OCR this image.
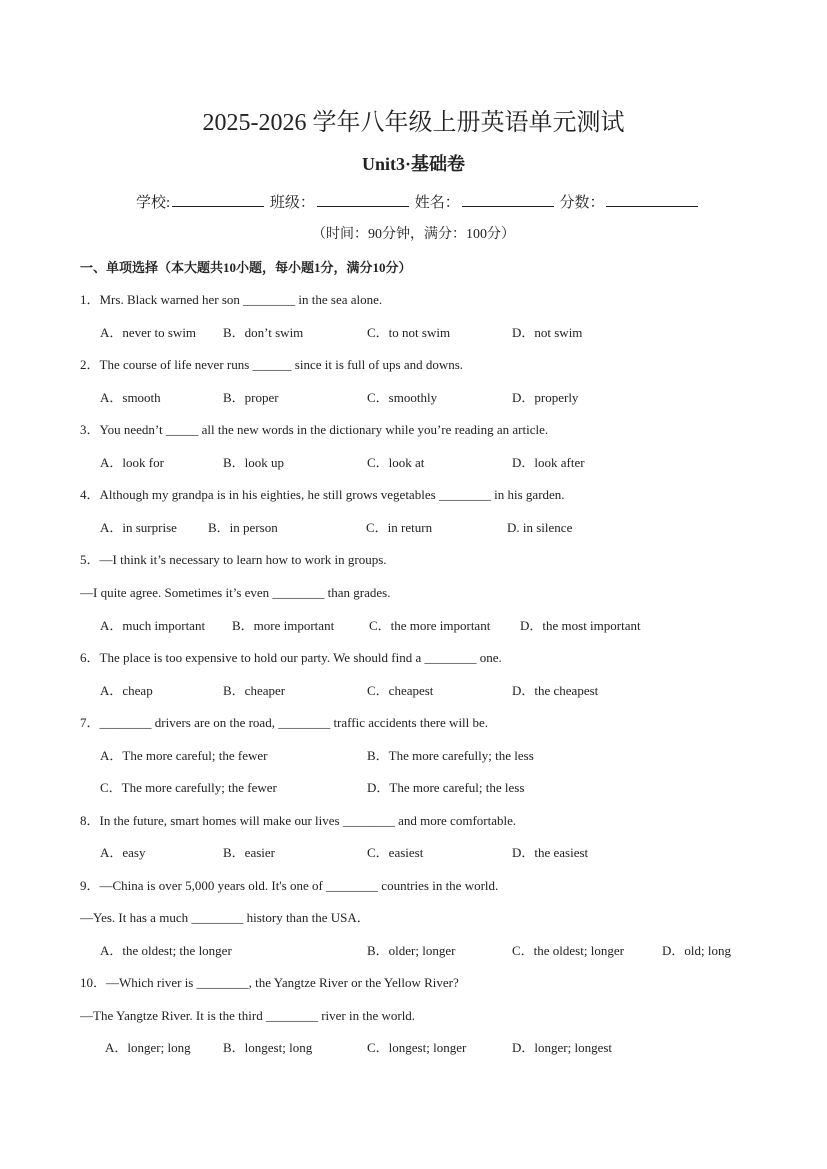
2025-2026 学年八年级上册英语单元测试
Unit3·基础卷
学校:	班级：	姓名：	分数：
（时间：90分钟，满分：100分）
一、单项选择（本大题共10小题，每小题1分，满分10分）
1．Mrs. Black warned her son ________ in the sea alone.
A．never to swim B．don’t swim	C．to not swim	D．not swim
2．The course of life never runs ______ since it is full of ups and downs.
A．smooth	B．proper	C．smoothly	D．properly
3．You needn’t _____ all the new words in the dictionary while you’re reading an article.
A．look for	B．look up	C．look at	D．look after
4．Although my grandpa is in his eighties, he still grows vegetables ________ in his garden.
A．in surprise B．in person	C．in return	D. in silence
5．—I think it’s necessary to learn how to work in groups.
—I quite agree. Sometimes it’s even ________ than grades.
A．much important B．more important	C．the more important D．the most important
6．The place is too expensive to hold our party. We should find a ________ one.
A．cheap	B．cheaper	C．cheapest	D．the cheapest
7．________ drivers are on the road, ________ traffic accidents there will be.
A．The more careful; the fewer	B．The more carefully; the less
C．The more carefully; the fewer	D．The more careful; the less
8．In the future, smart homes will make our lives ________ and more comfortable.
A．easy	B．easier	C．easiest	D．the easiest
9．—China is over 5,000 years old. It's one of ________ countries in the world.
—Yes. It has a much ________ history than the USA．
A．the oldest; the longer	B．older; longer	C．the oldest; longer	D．old; long
10．—Which river is ________, the Yangtze River or the Yellow River?
—The Yangtze River. It is the third ________ river in the world.
A．longer; long B．longest; long	C．longest; longer	D．longer; longest
